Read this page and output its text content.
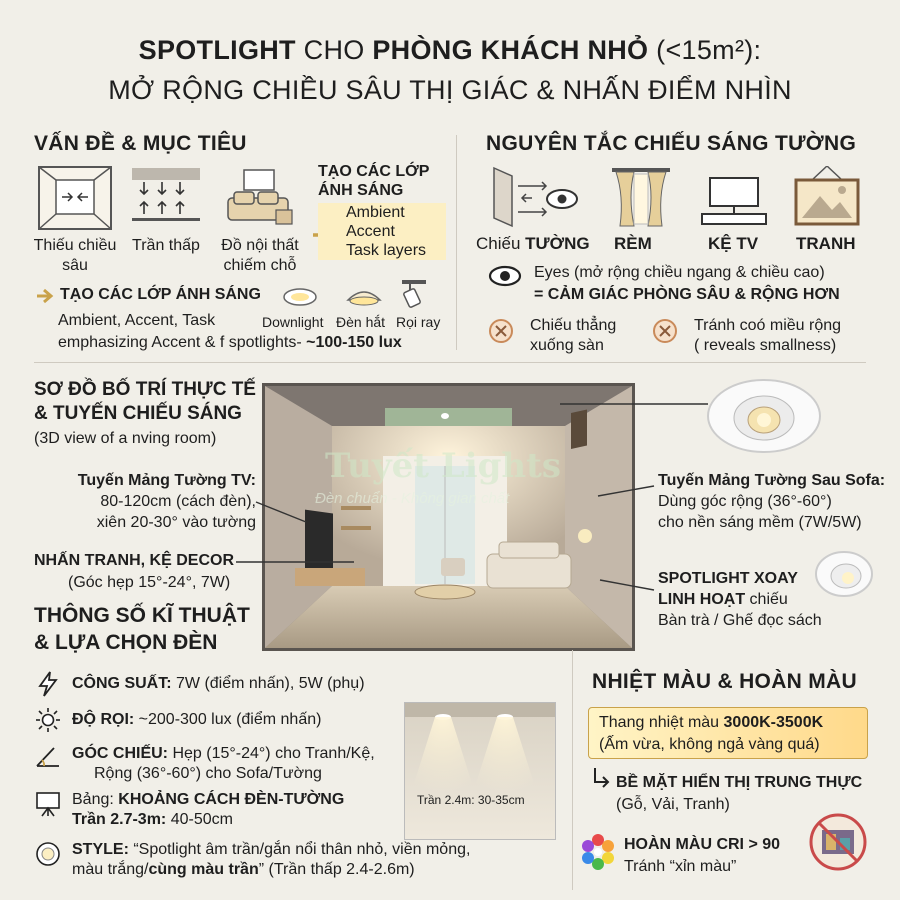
SPOTLIGHT CHO PHÒNG KHÁCH NHỎ (<15m²):
MỞ RỘNG CHIỀU SÂU THỊ GIÁC & NHẤN ĐIỂM NHÌN
VẤN ĐỀ & MỤC TIÊU
Thiếu chiều sâu
Trần thấp	Đồ nội thất chiếm chỗ
TẠO CÁC LỚP ÁNH SÁNG
Ambient
Accent
Task layers
TẠO CÁC LỚP ÁNH SÁNG
Ambient, Accent, Task
emphasizing Accent & f spotlights- ~100-150 lux
Downlight Đèn hắt Rọi ray
NGUYÊN TẮC CHIẾU SÁNG TƯỜNG
Chiếu TƯỜNG RÈM	KỆ TV TRANH
Eyes (mở rộng chiều ngang & chiều cao)
= CẢM GIÁC PHÒNG SÂU & RỘNG HƠN
Chiếu thẳng
xuống sàn
Tránh coó miều rộng
( reveals smallness)
SƠ ĐỒ BỐ TRÍ THỰC TẾ
& TUYẾN CHIẾU SÁNG
(3D view of a nving room)
Tuyến Mảng Tường TV:
80-120cm (cách đèn),
xiên 20-30° vào tường
NHẤN TRANH, KỆ DECOR
(Góc hẹp 15°-24°, 7W)
Tuyết Lights
Đèn chuẩn - Không gian chất
Tuyến Mảng Tường Sau Sofa:
Dùng góc rộng (36°-60°)
cho nền sáng mềm (7W/5W)
SPOTLIGHT XOAY
LINH HOẠT chiếu
Bàn trà / Ghế đọc sách
THÔNG SỐ KĨ THUẬT
& LỰA CHỌN ĐÈN
CÔNG SUẤT: 7W (điểm nhấn), 5W (phụ)
ĐỘ RỌI: ~200-300 lux (điểm nhấn)
GÓC CHIẾU: Hẹp (15°-24°) cho Tranh/Kệ,
Rộng (36°-60°) cho Sofa/Tường
Bảng: KHOẢNG CÁCH ĐÈN-TƯỜNG
Trần 2.7-3m: 40-50cm
STYLE: “Spotlight âm trần/gắn nổi thân nhỏ, viền mỏng,
màu trắng/cùng màu trần” (Trần thấp 2.4-2.6m)
Trần 2.4m: 30-35cm
NHIỆT MÀU & HOÀN MÀU
Thang nhiệt màu 3000K-3500K
(Ấm vừa, không ngả vàng quá)
BỀ MẶT HIỂN THỊ TRUNG THỰC
(Gỗ, Vải, Tranh)
HOÀN MÀU CRI > 90
Tránh “xỉn màu”
